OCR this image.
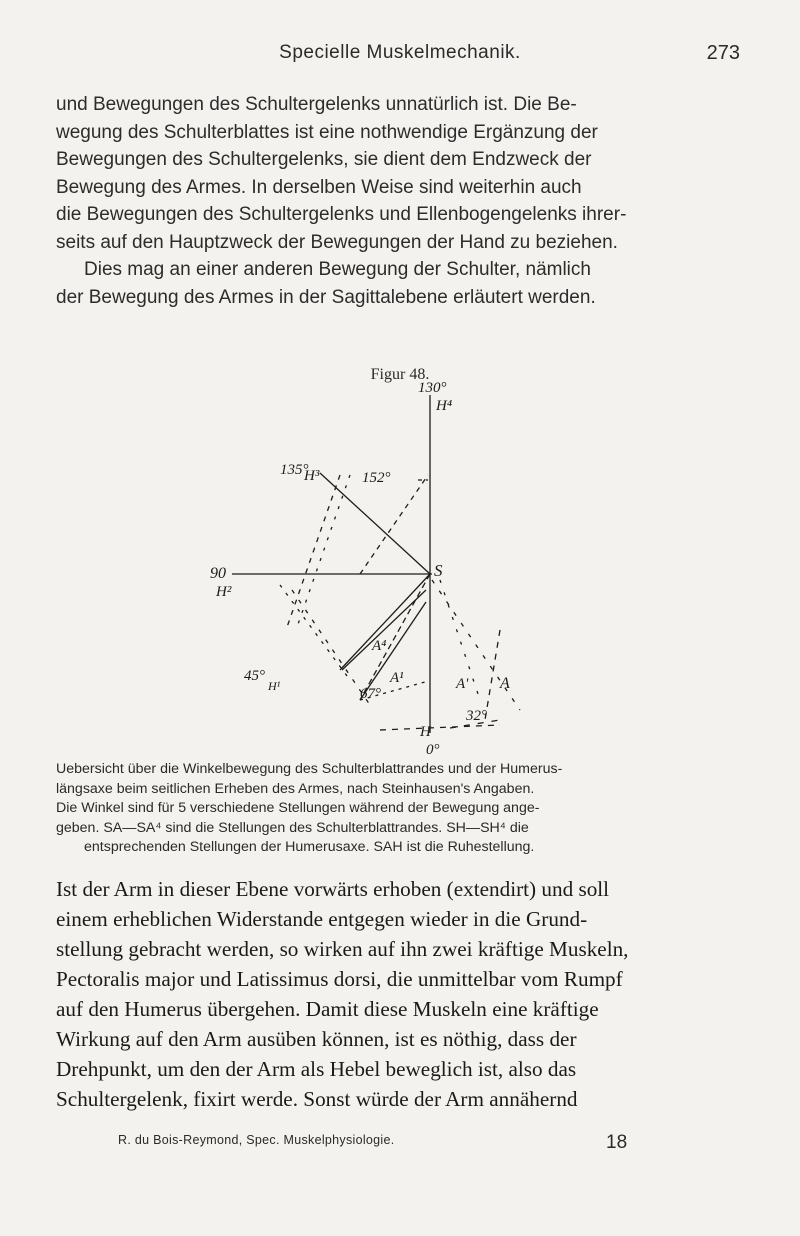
Specielle Muskelmechanik.	273
und Bewegungen des Schultergelenks unnatürlich ist. Die Be-
wegung des Schulterblattes ist eine nothwendige Ergänzung der
Bewegungen des Schultergelenks, sie dient dem Endzweck der
Bewegung des Armes. In derselben Weise sind weiterhin auch
die Bewegungen des Schultergelenks und Ellenbogengelenks ihrer-
seits auf den Hauptzweck der Bewegungen der Hand zu beziehen.
Dies mag an einer anderen Bewegung der Schulter, nämlich
der Bewegung des Armes in der Sagittalebene erläutert werden.
Figur 48.
130°
H⁴
135°
H³	152°
90
H²
S
45°
H¹
A⁴
A¹
67°
H
A' A
32°
0°
Uebersicht über die Winkelbewegung des Schulterblattrandes und der Humerus-
längsaxe beim seitlichen Erheben des Armes, nach Steinhausen's Angaben.
Die Winkel sind für 5 verschiedene Stellungen während der Bewegung ange-
geben. SA—SA⁴ sind die Stellungen des Schulterblattrandes. SH—SH⁴ die
entsprechenden Stellungen der Humerusaxe. SAH ist die Ruhestellung.
Ist der Arm in dieser Ebene vorwärts erhoben (extendirt) und soll
einem erheblichen Widerstande entgegen wieder in die Grund-
stellung gebracht werden, so wirken auf ihn zwei kräftige Muskeln,
Pectoralis major und Latissimus dorsi, die unmittelbar vom Rumpf
auf den Humerus übergehen. Damit diese Muskeln eine kräftige
Wirkung auf den Arm ausüben können, ist es nöthig, dass der
Drehpunkt, um den der Arm als Hebel beweglich ist, also das
Schultergelenk, fixirt werde. Sonst würde der Arm annähernd
R. du Bois-Reymond, Spec. Muskelphysiologie.	18
